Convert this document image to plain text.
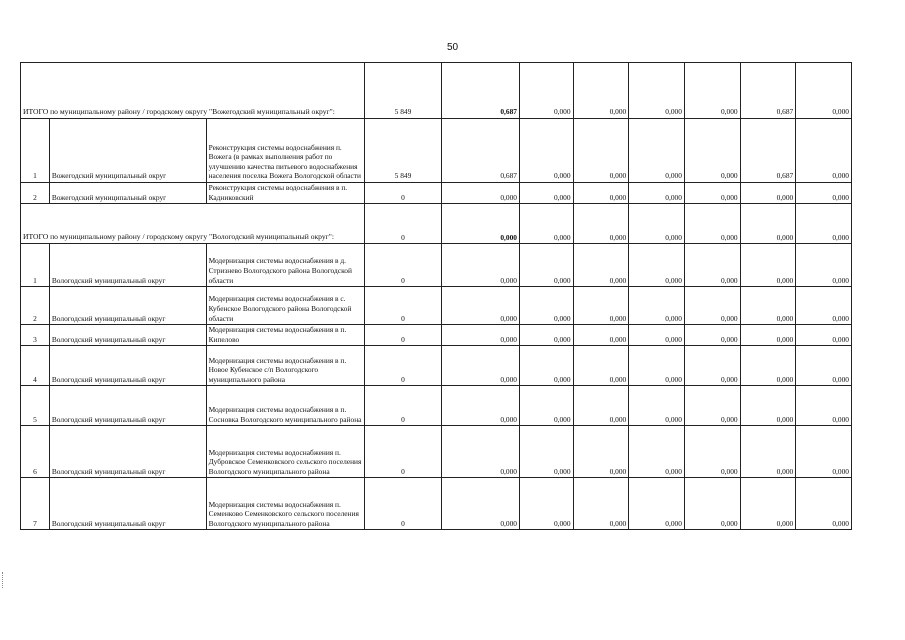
50
ИТОГО по муниципальному району / городскому округу "Вожегодский муниципальный округ":			5 849	0,687	0,000	0,000	0,000	0,000	0,687	0,000
1	Вожегодский муниципальный округ	Реконструкция системы водоснабжения п. Вожега (в рамках выполнения работ по улучшению качества питьевого водоснабжения населения поселка Вожега Вологодской области	5 849	0,687	0,000	0,000	0,000	0,000	0,687	0,000
2	Вожегодский муниципальный округ	Реконструкция системы водоснабжения в п. Кадниковский	0	0,000	0,000	0,000	0,000	0,000	0,000	0,000
ИТОГО по муниципальному району / городскому округу "Вологодский муниципальный округ":			0	0,000	0,000	0,000	0,000	0,000	0,000	0,000
1	Вологодский муниципальный округ	Модернизация системы водоснабжения в д. Стризнево Вологодского района Вологодской области	0	0,000	0,000	0,000	0,000	0,000	0,000	0,000
2	Вологодский муниципальный округ	Модернизация системы водоснабжения в с. Кубенское Вологодского района Вологодской области	0	0,000	0,000	0,000	0,000	0,000	0,000	0,000
3	Вологодский муниципальный округ	Модернизация системы водоснабжения в п. Кипелово	0	0,000	0,000	0,000	0,000	0,000	0,000	0,000
4	Вологодский муниципальный округ	Модернизация системы водоснабжения в п. Новое Кубенское с/п Вологодского муниципального района	0	0,000	0,000	0,000	0,000	0,000	0,000	0,000
5	Вологодский муниципальный округ	Модернизация системы водоснабжения в п. Сосновка Вологодского муниципального района	0	0,000	0,000	0,000	0,000	0,000	0,000	0,000
6	Вологодский муниципальный округ	Модернизация системы водоснабжения п. Дубровское Семенковского сельского поселения Вологодского муниципального района	0	0,000	0,000	0,000	0,000	0,000	0,000	0,000
7	Вологодский муниципальный округ	Модернизация системы водоснабжения п. Семенково Семенковского сельского поселения Вологодского муниципального района	0	0,000	0,000	0,000	0,000	0,000	0,000	0,000
